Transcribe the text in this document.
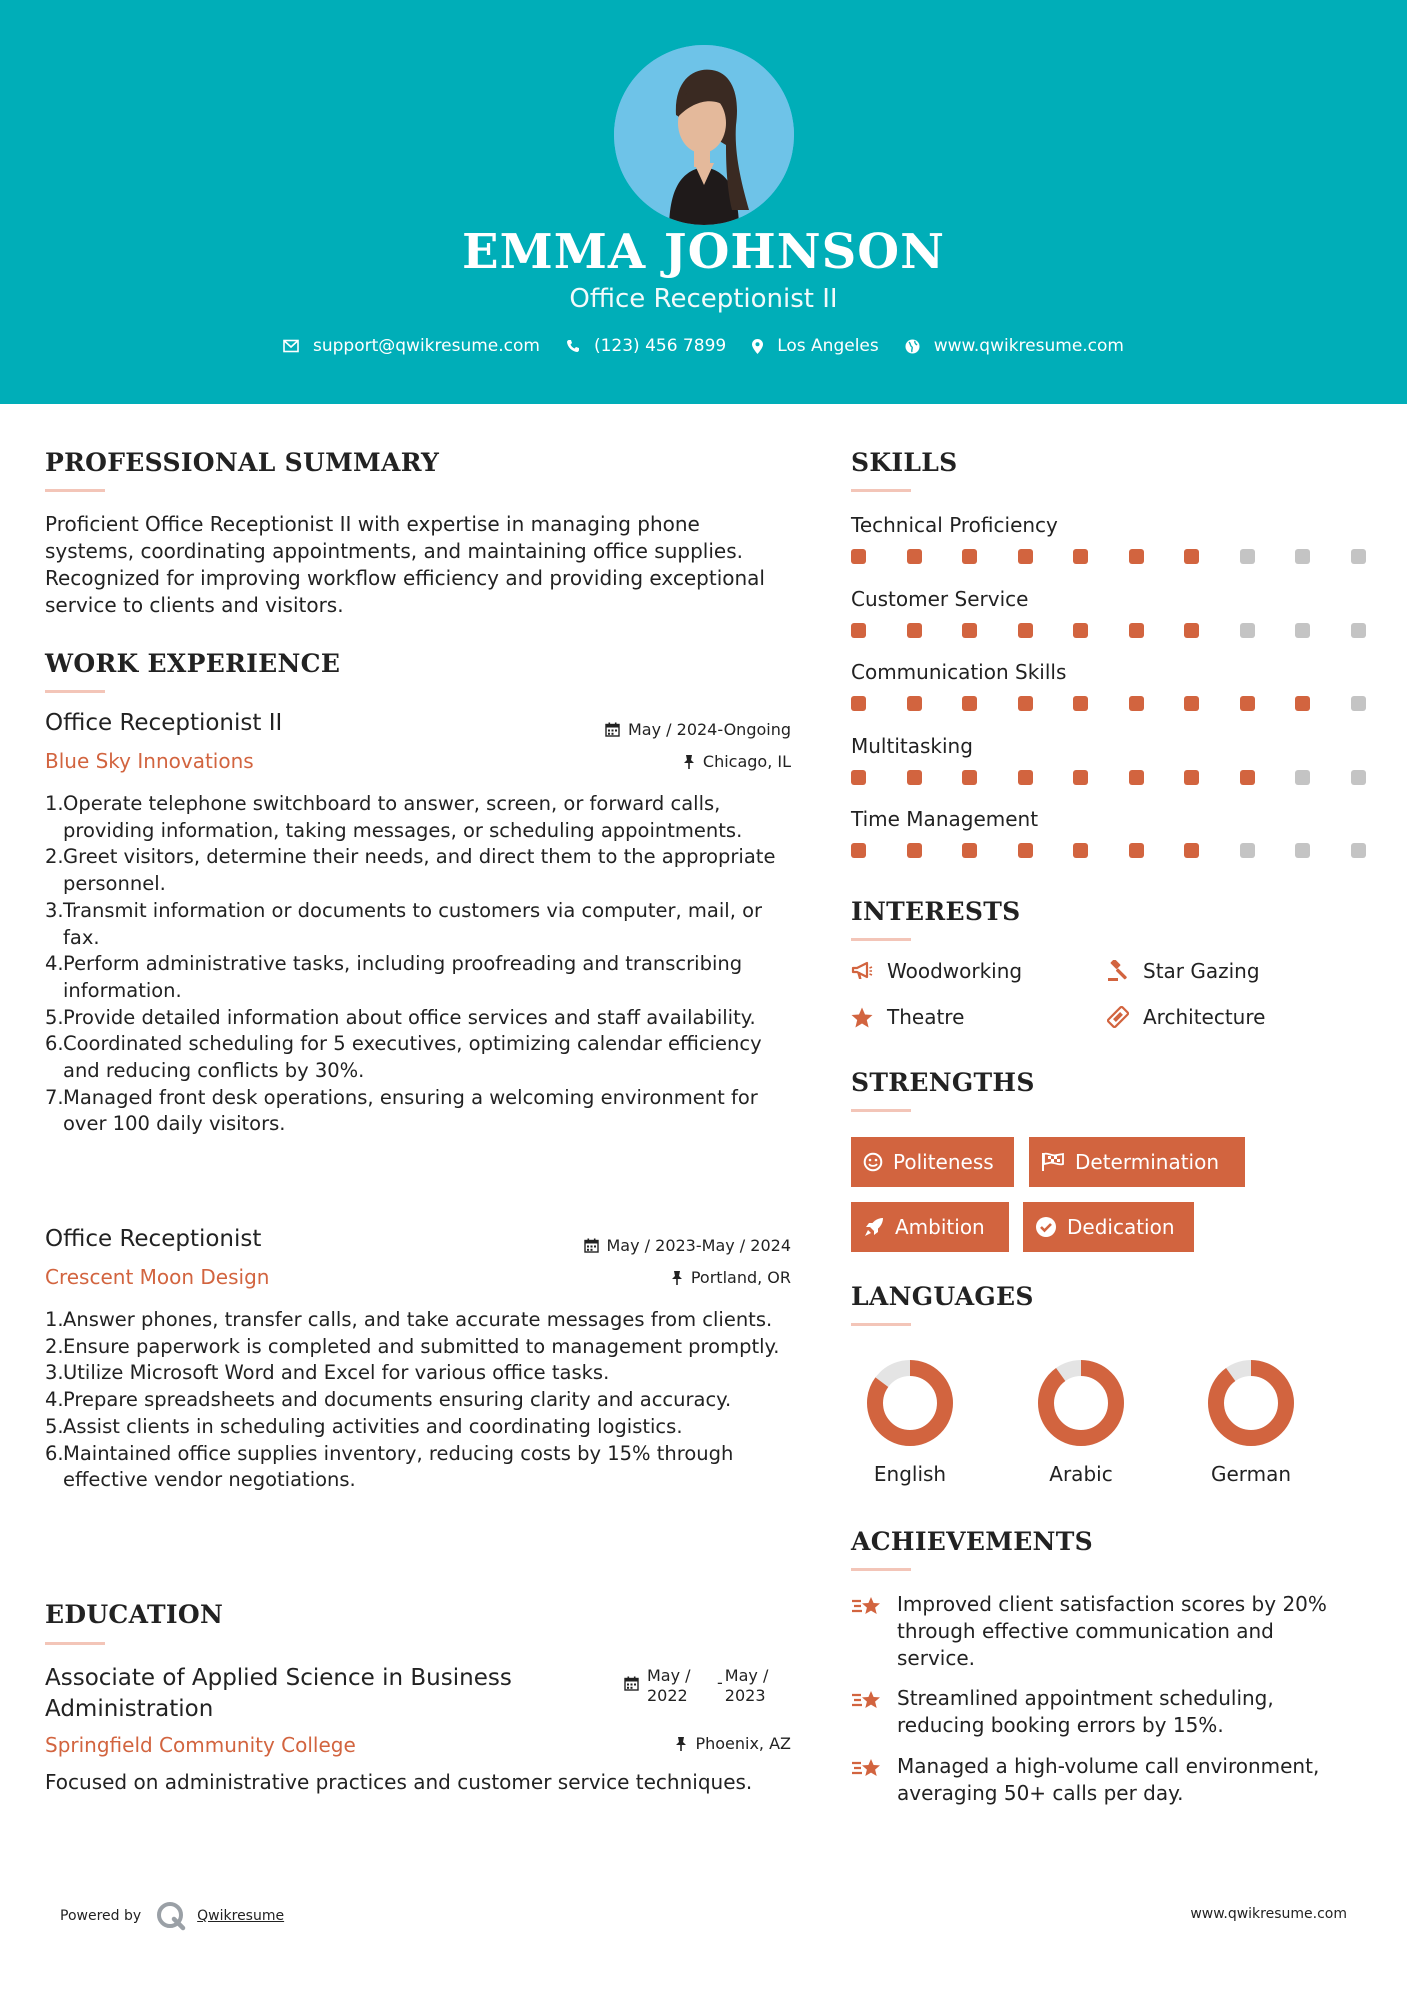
EMMA JOHNSON
Office Receptionist II
support@qwikresume.com	(123) 456 7899	Los Angeles	www.qwikresume.com
PROFESSIONAL SUMMARY
Proficient Office Receptionist II with expertise in managing phone systems, coordinating appointments, and maintaining office supplies. Recognized for improving workflow efficiency and providing exceptional service to clients and visitors.
WORK EXPERIENCE
Office Receptionist II	May / 2024-Ongoing
Blue Sky Innovations	Chicago, IL
1. Operate telephone switchboard to answer, screen, or forward calls, providing information, taking messages, or scheduling appointments.
2. Greet visitors, determine their needs, and direct them to the appropriate personnel.
3. Transmit information or documents to customers via computer, mail, or fax.
4. Perform administrative tasks, including proofreading and transcribing information.
5. Provide detailed information about office services and staff availability.
6. Coordinated scheduling for 5 executives, optimizing calendar efficiency and reducing conflicts by 30%.
7. Managed front desk operations, ensuring a welcoming environment for over 100 daily visitors.
Office Receptionist	May / 2023-May / 2024
Crescent Moon Design	Portland, OR
1. Answer phones, transfer calls, and take accurate messages from clients.
2. Ensure paperwork is completed and submitted to management promptly.
3. Utilize Microsoft Word and Excel for various office tasks.
4. Prepare spreadsheets and documents ensuring clarity and accuracy.
5. Assist clients in scheduling activities and coordinating logistics.
6. Maintained office supplies inventory, reducing costs by 15% through effective vendor negotiations.
EDUCATION
Associate of Applied Science in Business Administration
May / 2022
- May / 2023
Springfield Community College	Phoenix, AZ
Focused on administrative practices and customer service techniques.
SKILLS
Technical Proficiency
Customer Service
Communication Skills
Multitasking
Time Management
INTERESTS
Woodworking	Star Gazing
Theatre	Architecture
STRENGTHS
Politeness	Determination
Ambition	Dedication
LANGUAGES
English	Arabic	German
ACHIEVEMENTS
Improved client satisfaction scores by 20% through effective communication and service.
Streamlined appointment scheduling, reducing booking errors by 15%.
Managed a high-volume call environment, averaging 50+ calls per day.
Powered by	Qwikresume	www.qwikresume.com
